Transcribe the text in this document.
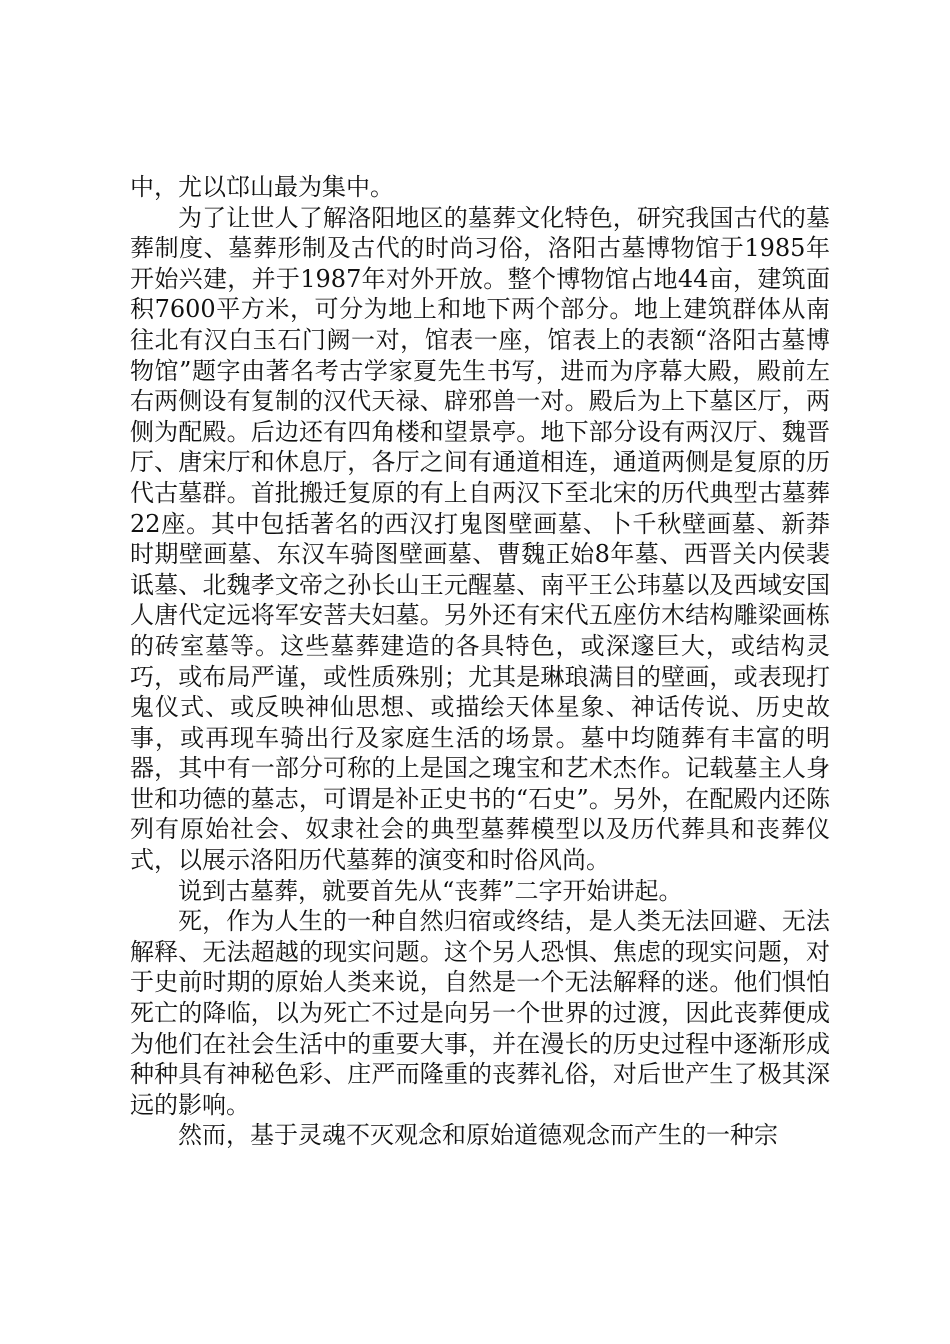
中，尤以邙山最为集中。

为了让世人了解洛阳地区的墓葬文化特色，研究我国古代的墓葬制度、墓葬形制及古代的时尚习俗，洛阳古墓博物馆于1985年开始兴建，并于1987年对外开放。整个博物馆占地44亩，建筑面积7600平方米，可分为地上和地下两个部分。地上建筑群体从南往北有汉白玉石门阙一对，馆表一座，馆表上的表额“洛阳古墓博物馆”题字由著名考古学家夏先生书写，进而为序幕大殿，殿前左右两侧设有复制的汉代天禄、辟邪兽一对。殿后为上下墓区厅，两侧为配殿。后边还有四角楼和望景亭。地下部分设有两汉厅、魏晋厅、唐宋厅和休息厅，各厅之间有通道相连，通道两侧是复原的历代古墓群。首批搬迁复原的有上自两汉下至北宋的历代典型古墓葬22座。其中包括著名的西汉打鬼图壁画墓、卜千秋壁画墓、新莽时期壁画墓、东汉车骑图壁画墓、曹魏正始8年墓、西晋关内侯裴诋墓、北魏孝文帝之孙长山王元醒墓、南平王公玮墓以及西域安国人唐代定远将军安菩夫妇墓。另外还有宋代五座仿木结构雕梁画栋的砖室墓等。这些墓葬建造的各具特色，或深邃巨大，或结构灵巧，或布局严谨，或性质殊别；尤其是琳琅满目的壁画，或表现打鬼仪式、或反映神仙思想、或描绘天体星象、神话传说、历史故事，或再现车骑出行及家庭生活的场景。墓中均随葬有丰富的明器，其中有一部分可称的上是国之瑰宝和艺术杰作。记载墓主人身世和功德的墓志，可谓是补正史书的“石史”。另外，在配殿内还陈列有原始社会、奴隶社会的典型墓葬模型以及历代葬具和丧葬仪式，以展示洛阳历代墓葬的演变和时俗风尚。

说到古墓葬，就要首先从“丧葬”二字开始讲起。

死，作为人生的一种自然归宿或终结，是人类无法回避、无法解释、无法超越的现实问题。这个另人恐惧、焦虑的现实问题，对于史前时期的原始人类来说，自然是一个无法解释的迷。他们惧怕死亡的降临，以为死亡不过是向另一个世界的过渡，因此丧葬便成为他们在社会生活中的重要大事，并在漫长的历史过程中逐渐形成种种具有神秘色彩、庄严而隆重的丧葬礼俗，对后世产生了极其深远的影响。

然而，基于灵魂不灭观念和原始道德观念而产生的一种宗
